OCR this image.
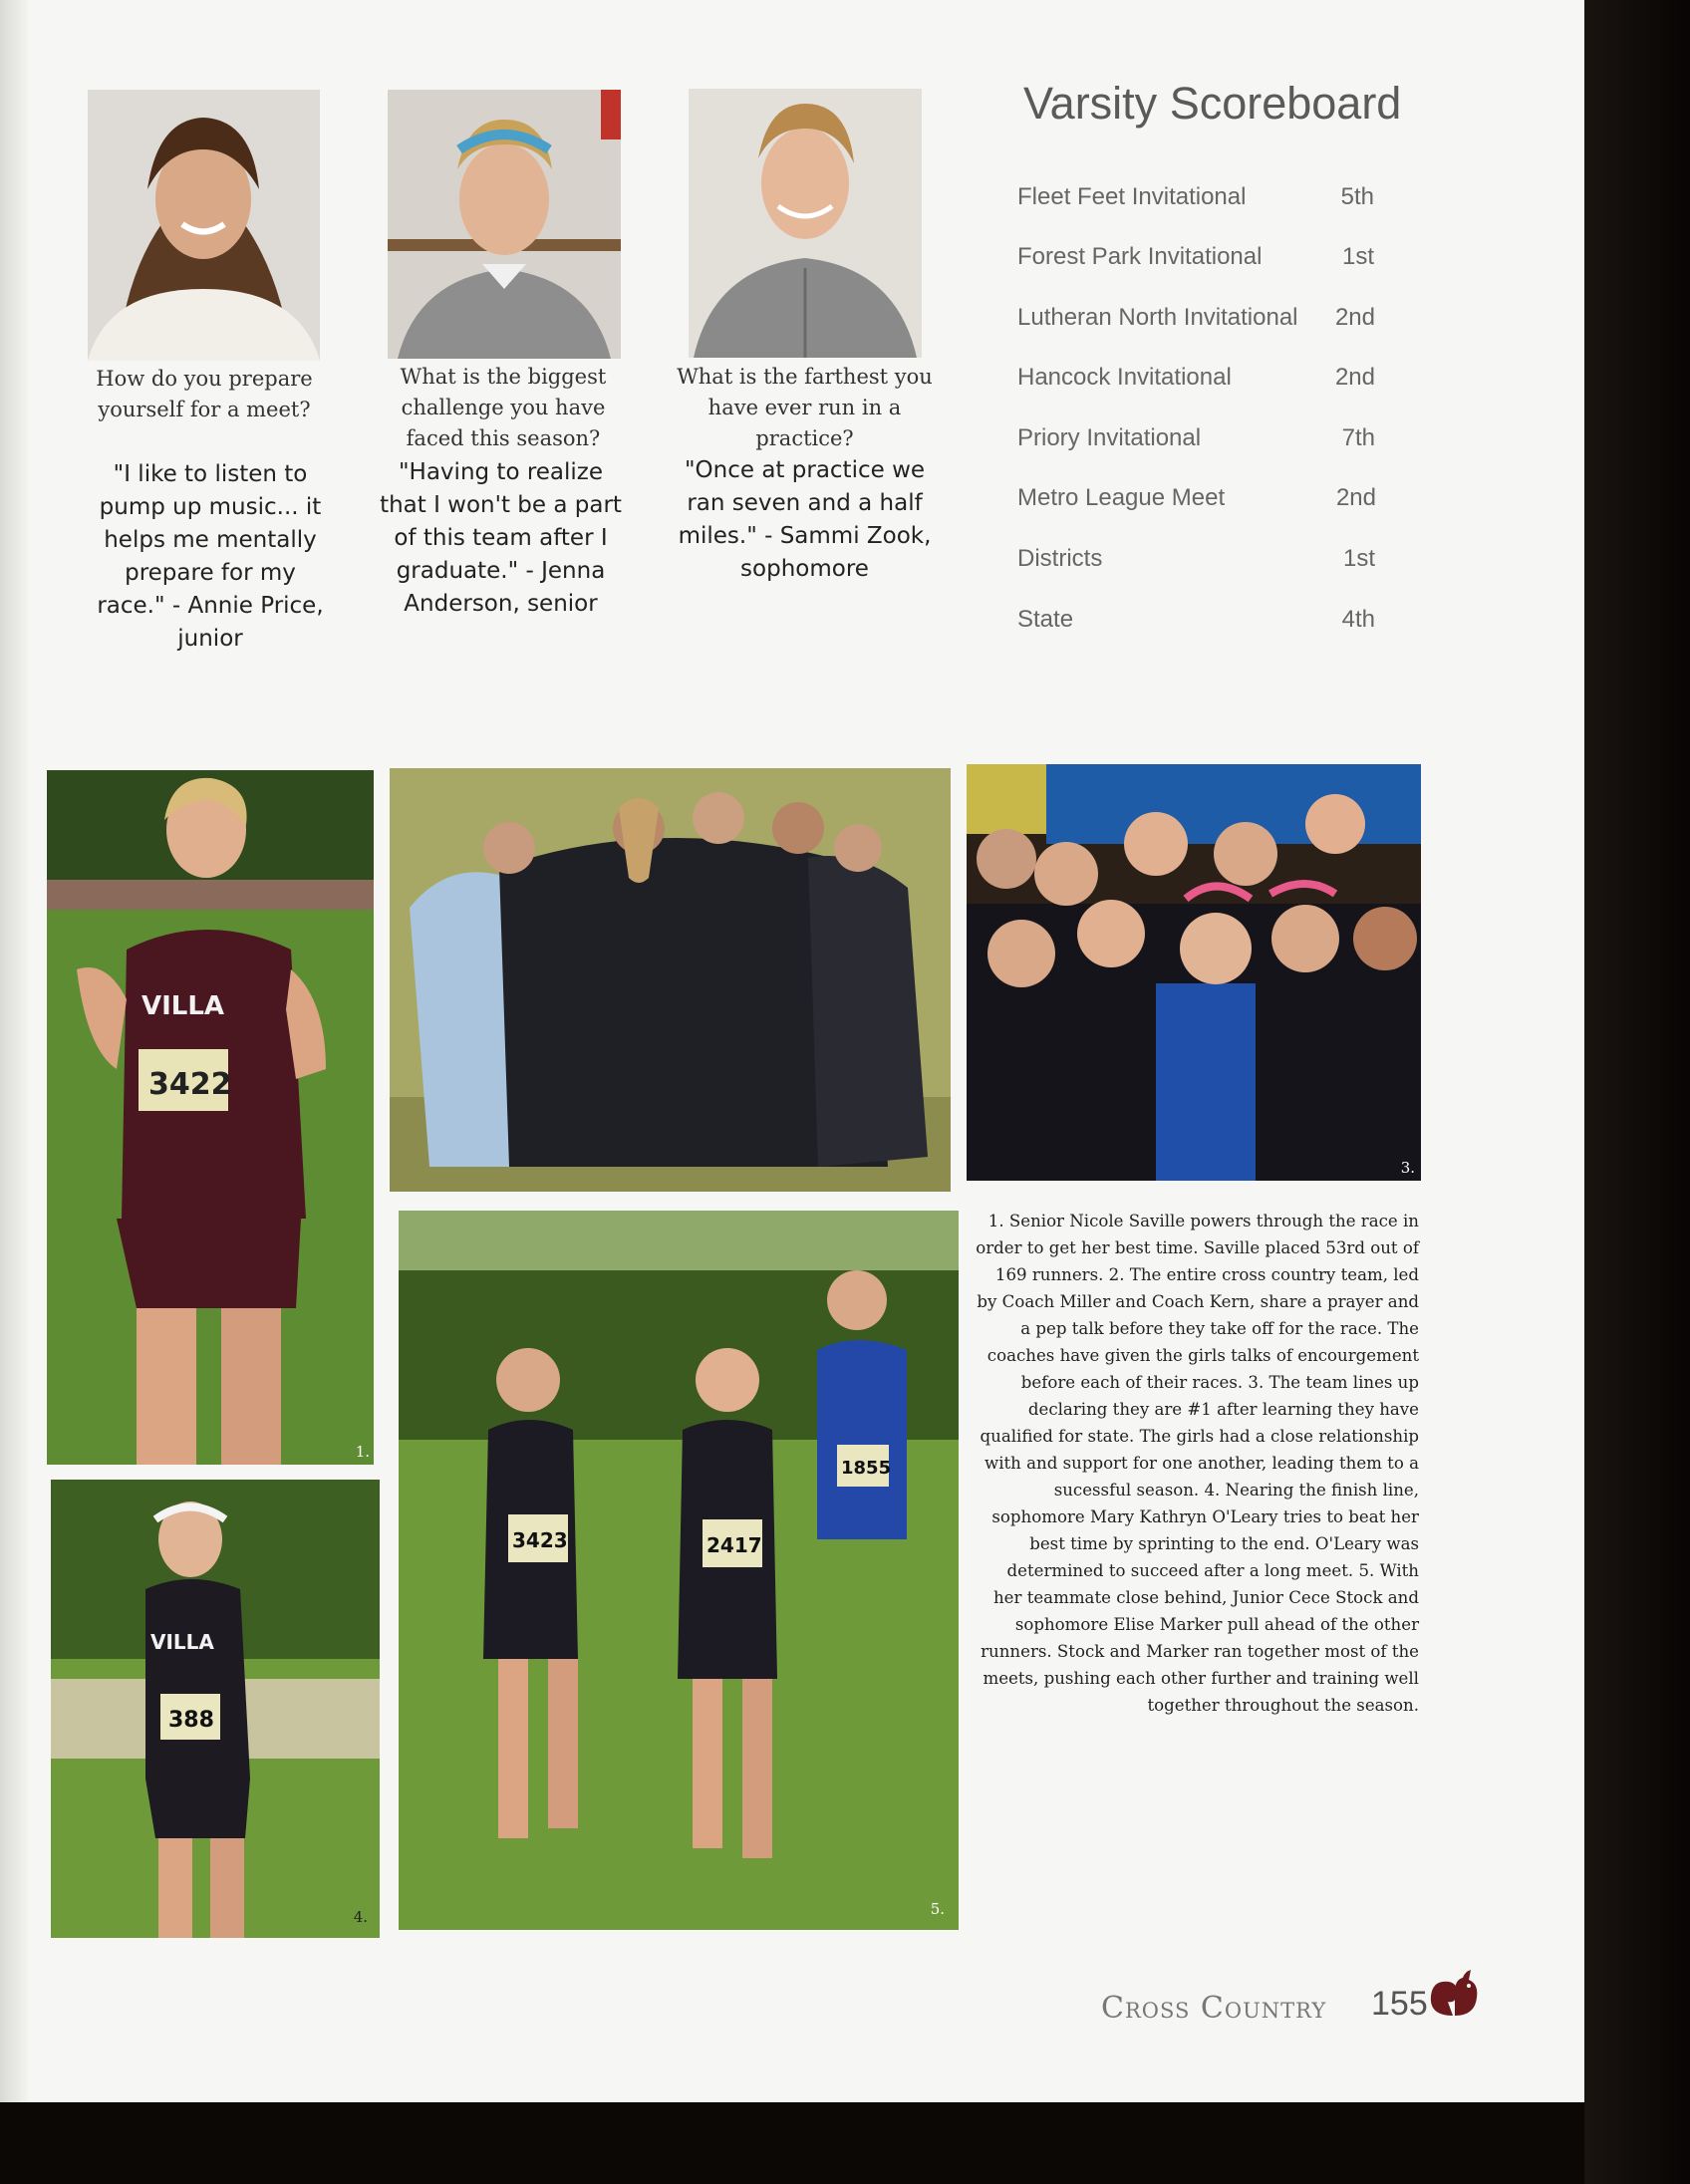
How do you prepare yourself for a meet?
What is the biggest challenge you have faced this season?
What is the farthest you have ever run in a practice?
"I like to listen to pump up music... it helps me mentally prepare for my race." - Annie Price, junior
"Having to realize that I won't be a part of this team after I graduate." - Jenna Anderson, senior
"Once at practice we ran seven and a half miles." - Sammi Zook, sophomore
Varsity Scoreboard
Fleet Feet Invitational	5th
Forest Park Invitational	1st
Lutheran North Invitational 2nd
Hancock Invitational	2nd
Priory Invitational	7th
Metro League Meet	2nd
Districts	1st
State	4th
VILLA
3422
1.
3.
VILLA
388
4.
3423	2417
1855
5.
1. Senior Nicole Saville powers through the race in order to get her best time. Saville placed 53rd out of 169 runners. 2. The entire cross country team, led by Coach Miller and Coach Kern, share a prayer and a pep talk before they take off for the race. The coaches have given the girls talks of encourgement before each of their races. 3. The team lines up declaring they are #1 after learning they have qualified for state. The girls had a close relationship with and support for one another, leading them to a sucessful season. 4. Nearing the finish line, sophomore Mary Kathryn O'Leary tries to beat her best time by sprinting to the end. O'Leary was determined to succeed after a long meet. 5. With her teammate close behind, Junior Cece Stock and sophomore Elise Marker pull ahead of the other runners. Stock and Marker ran together most of the meets, pushing each other further and training well together throughout the season.
Cross Country 155
